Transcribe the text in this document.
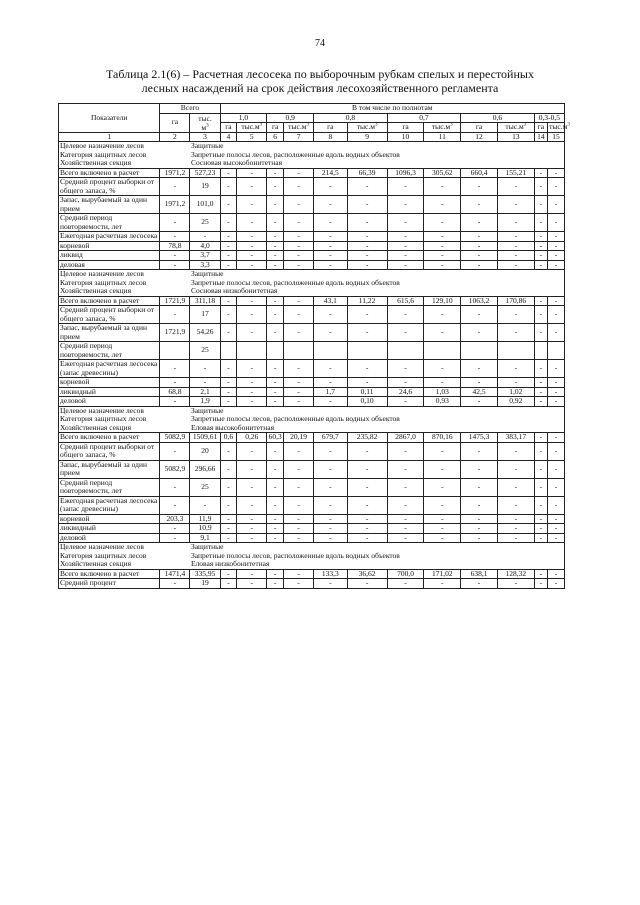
74
Таблица 2.1(6) – Расчетная лесосека по выборочным рубкам спелых и перестойных
лесных насаждений на срок действия лесохозяйственного регламента
Показатели	Всего		В том числе по полнотам											
	га	тыс.
$м^3$	1,0		0,9		0,8		0,7		0,6		0,3-0,5	
			га	$тыс.м^3$	га	$тыс.м^3$	га	$тыс.м^3$	га	$тыс.м^3$	га	$тыс.м^3$	га	$тыс.м^3$
1	2	3	4	5	6	7	8	9	10	11	12	13	14	15
Целевое назначение лесов		Защитные												
Категория защитных лесов		Запретные полосы лесов, расположенные вдоль водных объектов												
Хозяйственная секция		Сосновая высокобонитетная												
Всего включено в расчет	1971,2	527,23	-	-	-	-	214,5	66,39	1096,3	305,62	660,4	155,21	-	-
Средний процент выборки от общего запаса, %	-	19	-	-	-	-	-	-	-	-	-	-	-	-
Запас, вырубаемый за один прием	1971,2	101,0	-	-	-	-	-	-	-	-	-	-	-	-
Средний период повторяемости, лет	-	25	-	-	-	-	-	-	-	-	-	-	-	-
Ежегодная расчетная лесосека	-	-	-	-	-	-	-	-	-	-	-	-	-	-
корневой	78,8	4,0	-	-	-	-	-	-	-	-	-	-	-	-
ликвид	-	3,7	-	-	-	-	-	-	-	-	-	-	-	-
деловая	-	3,3	-	-	-	-	-	-	-	-	-	-	-	-
Целевое назначение лесов		Защитные												
Категория защитных лесов		Запретные полосы лесов, расположенные вдоль водных объектов												
Хозяйственная секция		Сосновая низкобонитетная												
Всего включено в расчет	1721,9	311,18	-	-	-	-	43,1	11,22	615,6	129,10	1063,2	170,86	-	-
Средний процент выборки от общего запаса, %	-	17	-	-	-	-	-	-	-	-	-	-	-	-
Запас, вырубаемый за один прием	1721,9	54,26	-	-	-	-	-	-	-	-	-	-	-	-
Средний период повторяемости, лет		25												
Ежегодная расчетная лесосека (запас древесины)	-	-	-	-	-	-	-	-	-	-	-	-	-	-
корневой	-	-	-	-	-	-	-	-	-	-	-	-	-	-
ликвидный	68,8	2,1	-	-	-	-	1,7	0,11	24,6	1,03	42,5	1,02	-	-
деловой	-	1,9	-	-	-	-	-	0,10	-	0,93	-	0,92	-	-
Целевое назначение лесов		Защитные												
Категория защитных лесов		Запретные полосы лесов, расположенные вдоль водных объектов												
Хозяйственная секция		Еловая высокобонитетная												
Всего включено в расчет	5082,9	1509,61	0,6	0,26	60,3	20,19	679,7	235,82	2867,0	870,16	1475,3	383,17	-	-
Средний процент выборки от общего запаса, %	-	20	-	-	-	-	-	-	-	-	-	-	-	-
Запас, вырубаемый за один прием	5082,9	296,66	-	-	-	-	-	-	-	-	-	-	-	-
Средний период повторяемости, лет	-	25	-	-	-	-	-	-	-	-	-	-	-	-
Ежегодная расчетная лесосека (запас древесины)	-	-	-	-	-	-	-	-	-	-	-	-	-	-
корневой	203,3	11,9	-	-	-	-	-	-	-	-	-	-	-	-
ликвидный	-	10,9	-	-	-	-	-	-	-	-	-	-	-	-
деловой	-	9,1	-	-	-	-	-	-	-	-	-	-	-	-
Целевое назначение лесов		Защитные												
Категория защитных лесов		Запретные полосы лесов, расположенные вдоль водных объектов												
Хозяйственная секция		Еловая низкобонитетная												
Всего включено в расчет	1471,4	335,95	-	-	-	-	133,3	36,62	700,0	171,02	638,1	128,32	-	-
Средний процент	-	19	-	-	-	-	-	-	-	-	-	-	-	-
